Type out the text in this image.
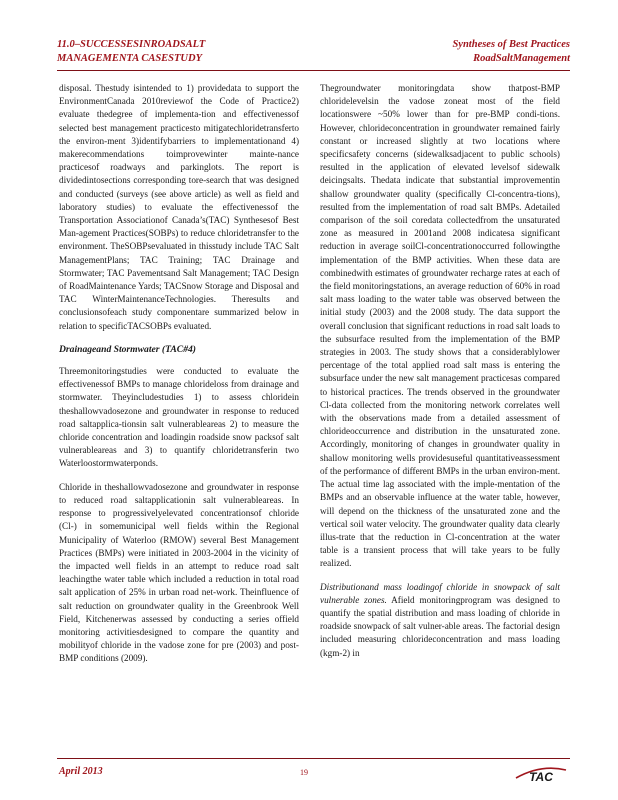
11.0–SUCCESSESINROADSALT
MANAGEMENTA CASESTUDY
Syntheses of Best Practices
RoadSaltManagement

disposal. Thestudy isintended to 1) providedata to support the EnvironmentCanada 2010reviewof the Code of Practice2) evaluate thedegree of implementa-tion and effectivenessof selected best management practicesto mitigatechloridetransferto the environ-ment 3)identifybarriers to implementationand 4) makerecommendations toimprovewinter mainte-nance practicesof roadways and parkinglots. The report is dividedintosections corresponding tore-search that was designed and conducted (surveys (see above article) as well as field and laboratory studies) to evaluate the effectivenessof the Transportation Associationof Canada’s(TAC) Synthesesof Best Man-agement Practices(SOBPs) to reduce chloridetransfer to the environment. TheSOBPsevaluated in thisstudy include TAC Salt ManagementPlans; TAC Training; TAC Drainage and Stormwater; TAC Pavementsand Salt Management; TAC Design of RoadMaintenance Yards; TACSnow Storage and Disposal and TAC WinterMaintenanceTechnologies. Theresults and conclusionsofeach study componentare summarized below in relation to specificTACSOBPs evaluated.

Drainageand Stormwater (TAC#4)

Threemonitoringstudies were conducted to evaluate the effectivenessof BMPs to manage chlorideloss from drainage and stormwater. Theyincludestudies 1) to assess chloridein theshallowvadosezone and groundwater in response to reduced road saltapplica-tionsin salt vulnerableareas 2) to measure the chloride concentration and loadingin roadside snow packsof salt vulnerableareas and 3) to quantify chloridetransferin two Waterloostormwaterponds.

Chloride in theshallowvadosezone and groundwater in response to reduced road saltapplicationin salt vulnerableareas. In response to progressivelyelevated concentrationsof chloride (Cl-) in somemunicipal well fields within the Regional Municipality of Waterloo (RMOW) several Best Management Practices (BMPs) were initiated in 2003-2004 in the vicinity of the impacted well fields in an attempt to reduce road salt leachingthe water table which included a reduction in total road salt application of 25% in urban road net-work. Theinfluence of salt reduction on groundwater quality in the Greenbrook Well Field, Kitchenerwas assessed by conducting a series offield monitoring activitiesdesigned to compare the quantity and mobilityof chloride in the vadose zone for pre (2003) and post-BMP conditions (2009).

Thegroundwater monitoringdata show thatpost-BMP chloridelevelsin the vadose zoneat most of the field locationswere ~50% lower than for pre-BMP condi-tions. However, chlorideconcentration in groundwater remained fairly constant or increased slightly at two locations where specificsafety concerns (sidewalksadjacent to public schools) resulted in the application of elevated levelsof sidewalk deicingsalts. Thedata indicate that substantial improvementin shallow groundwater quality (specifically Cl-concentra-tions), resulted from the implementation of road salt BMPs. Adetailed comparison of the soil coredata collectedfrom the unsaturated zone as measured in 2001and 2008 indicatesa significant reduction in average soilCl-concentrationoccurred followingthe implementation of the BMP activities. When these data are combinedwith estimates of groundwater recharge rates at each of the field monitoringstations, an average reduction of 60% in road salt mass loading to the water table was observed between the initial study (2003) and the 2008 study. The data support the overall conclusion that significant reductions in road salt loads to the subsurface resulted from the implementation of the BMP strategies in 2003. The study shows that a considerablylower percentage of the total applied road salt mass is entering the subsurface under the new salt management practicesas compared to historical practices. The trends observed in the groundwater Cl-data collected from the monitoring network correlates well with the observations made from a detailed assessment of chlorideoccurrence and distribution in the unsaturated zone. Accordingly, monitoring of changes in groundwater quality in shallow monitoring wells providesuseful quantitativeassessment of the performance of different BMPs in the urban environ-ment. The actual time lag associated with the imple-mentation of the BMPs and an observable influence at the water table, however, will depend on the thickness of the unsaturated zone and the vertical soil water velocity. The groundwater quality data clearly illus-trate that the reduction in Cl-concentration at the water table is a transient process that will take years to be fully realized.

Distributionand mass loadingof chloride in snowpack of salt vulnerable zones. Afield monitoringprogram was designed to quantify the spatial distribution and mass loading of chloride in roadside snowpack of salt vulner-able areas. The factorial design included measuring chlorideconcentration and mass loading (kgm-2) in

April 2013	19	TAC
